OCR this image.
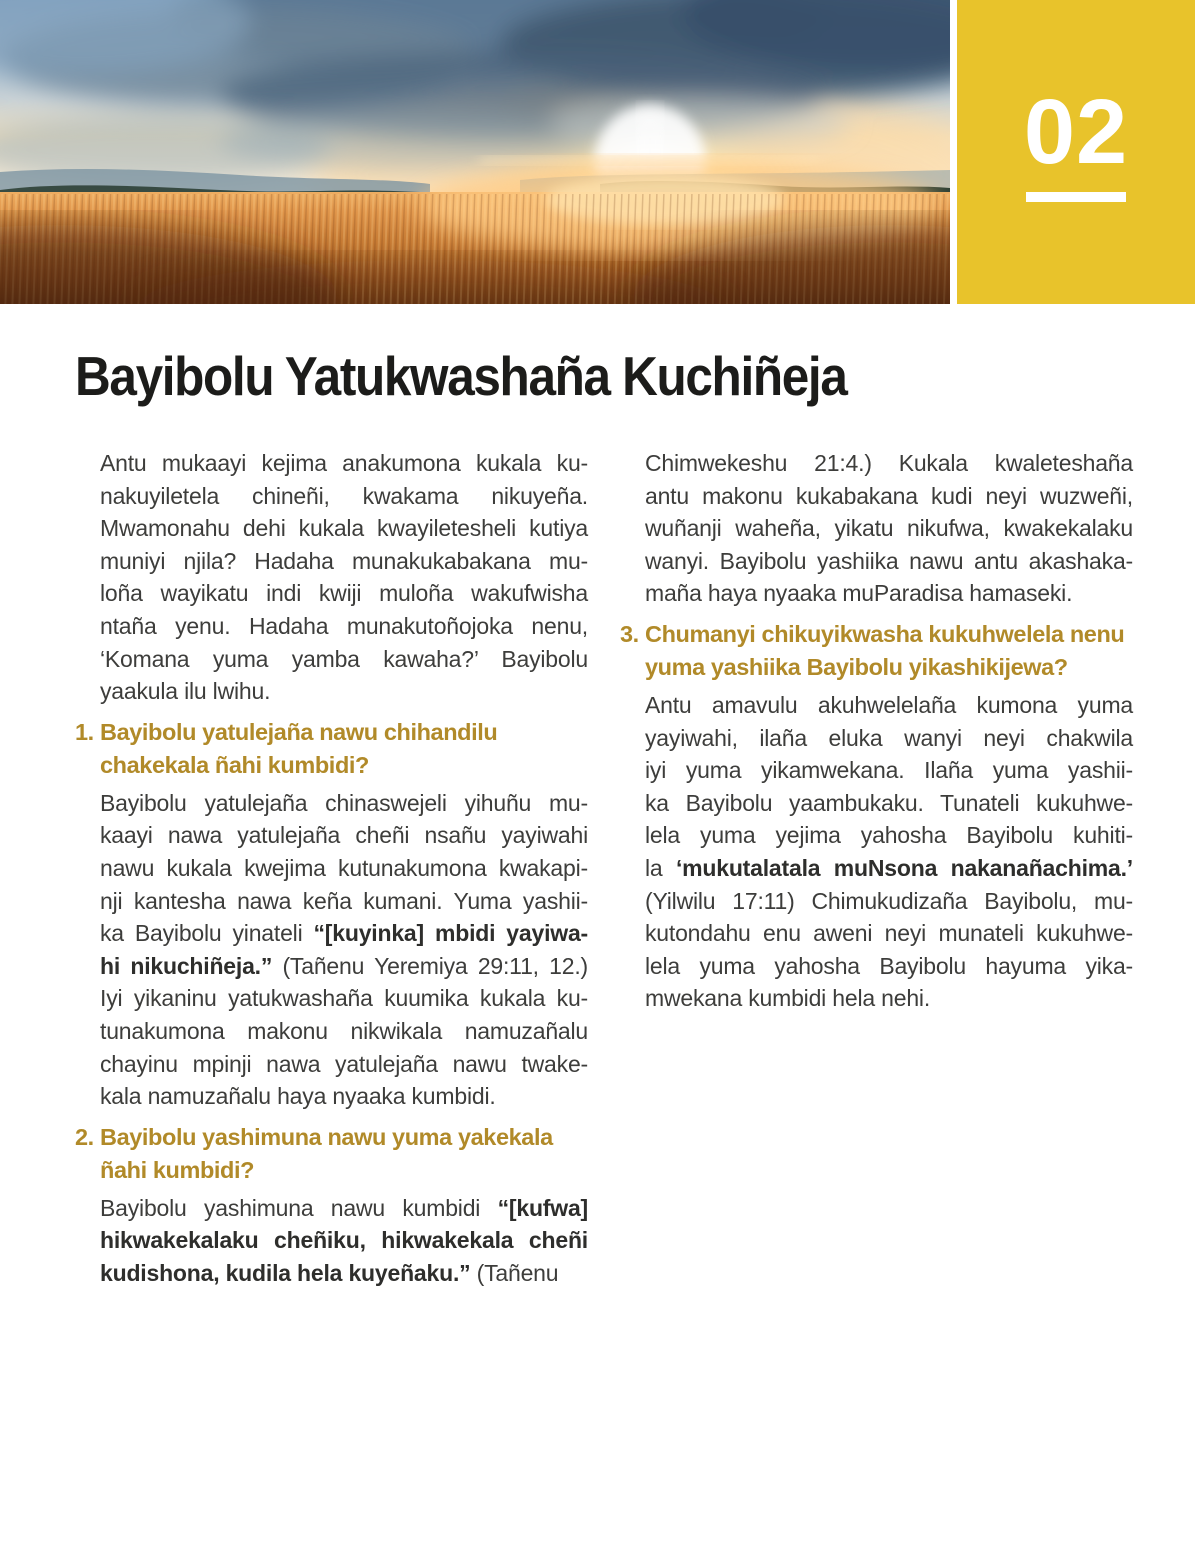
02
Bayibolu Yatukwashaña Kuchiñeja
Antu mukaayi kejima anakumona kukala ku-
nakuyiletela chineñi, kwakama nikuyeña.
Mwamonahu dehi kukala kwayiletesheli kutiya
muniyi njila? Hadaha munakukabakana mu-
loña wayikatu indi kwiji muloña wakufwisha
ntaña yenu. Hadaha munakutoñojoka nenu,
‘Komana yuma yamba kawaha?’ Bayibolu
yaakula ilu lwihu.
1. Bayibolu yatulejaña nawu chihandilu
chakekala ñahi kumbidi?
Bayibolu yatulejaña chinaswejeli yihuñu mu-
kaayi nawa yatulejaña cheñi nsañu yayiwahi
nawu kukala kwejima kutunakumona kwakapi-
nji kantesha nawa keña kumani. Yuma yashii-
ka Bayibolu yinateli “[kuyinka] mbidi yayiwa-
hi nikuchiñeja.” (Tañenu Yeremiya 29:11, 12.)
Iyi yikaninu yatukwashaña kuumika kukala ku-
tunakumona makonu nikwikala namuzañalu
chayinu mpinji nawa yatulejaña nawu twake-
kala namuzañalu haya nyaaka kumbidi.
2. Bayibolu yashimuna nawu yuma yakekala
ñahi kumbidi?
Bayibolu yashimuna nawu kumbidi “[kufwa]
hikwakekalaku cheñiku, hikwakekala cheñi
kudishona, kudila hela kuyeñaku.” (Tañenu
Chimwekeshu 21:4.) Kukala kwaleteshaña
antu makonu kukabakana kudi neyi wuzweñi,
wuñanji waheña, yikatu nikufwa, kwakekalaku
wanyi. Bayibolu yashiika nawu antu akashaka-
maña haya nyaaka muParadisa hamaseki.
3. Chumanyi chikuyikwasha kukuhwelela nenu
yuma yashiika Bayibolu yikashikijewa?
Antu amavulu akuhwelelaña kumona yuma
yayiwahi, ilaña eluka wanyi neyi chakwila
iyi yuma yikamwekana. Ilaña yuma yashii-
ka Bayibolu yaambukaku. Tunateli kukuhwe-
lela yuma yejima yahosha Bayibolu kuhiti-
la ‘mukutalatala muNsona nakanañachima.’
(Yilwilu 17:11) Chimukudizaña Bayibolu, mu-
kutondahu enu aweni neyi munateli kukuhwe-
lela yuma yahosha Bayibolu hayuma yika-
mwekana kumbidi hela nehi.
